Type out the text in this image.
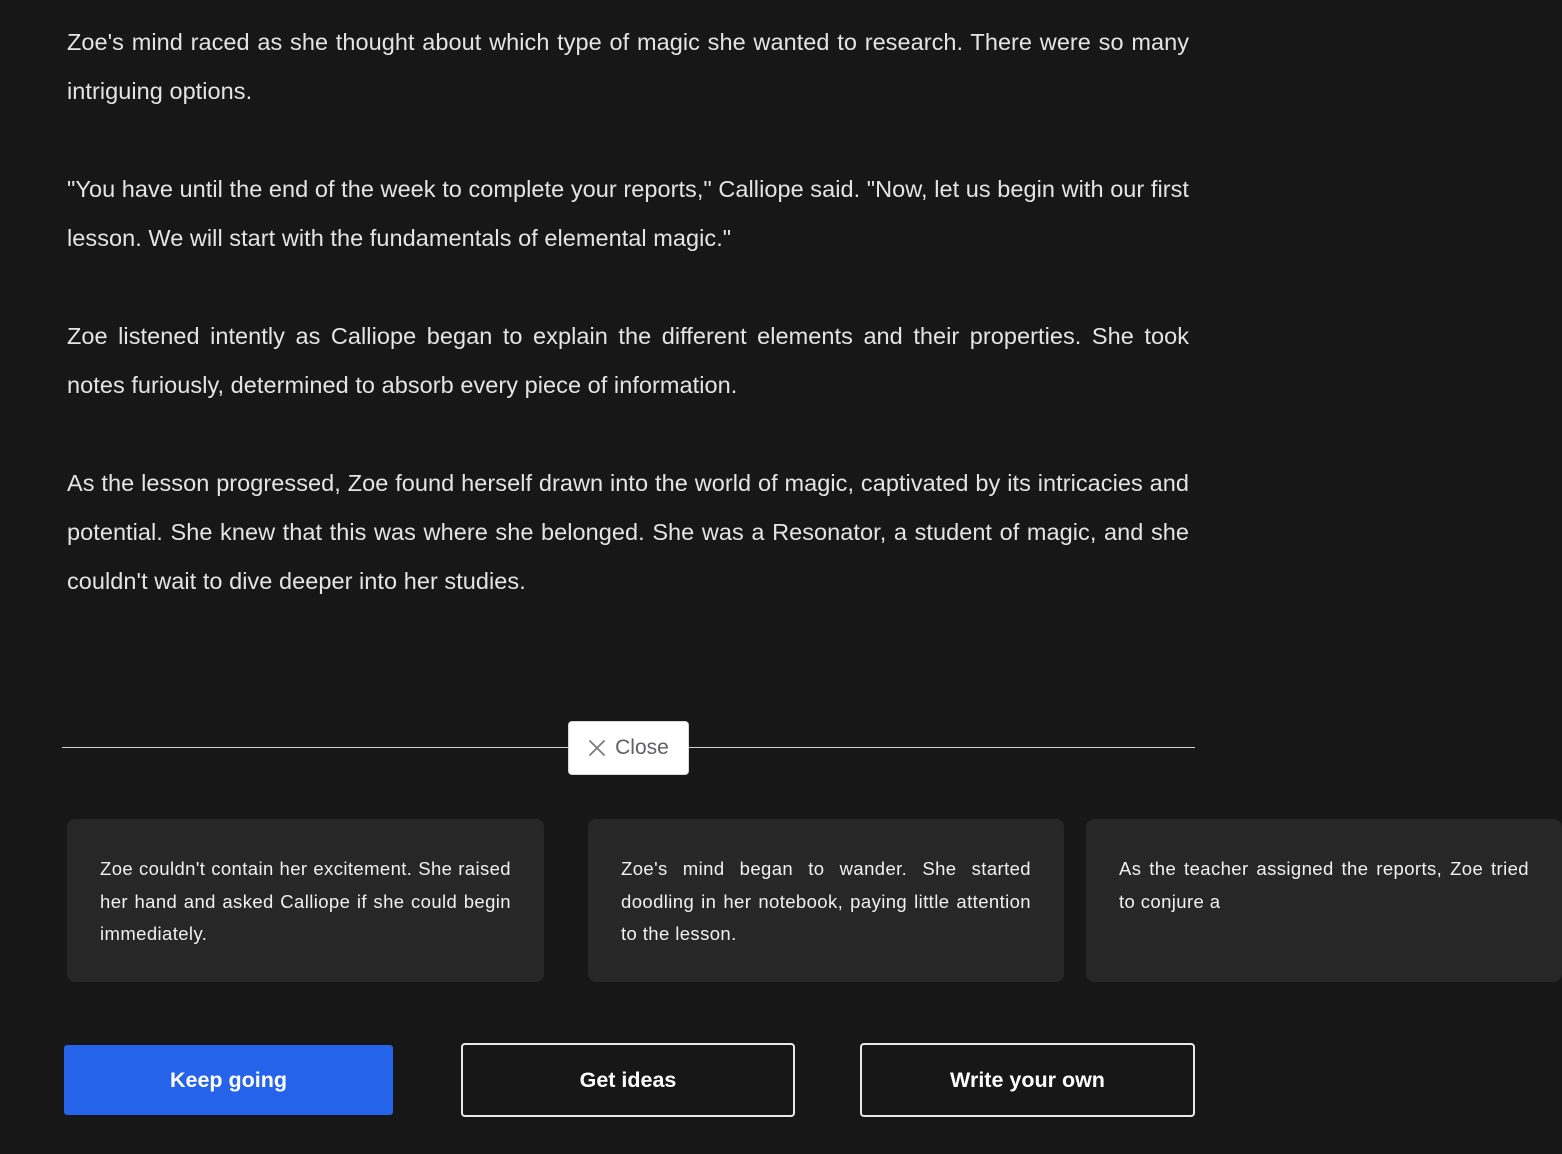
Zoe's mind raced as she thought about which type of magic she wanted to research. There were so many intriguing options.

"You have until the end of the week to complete your reports," Calliope said. "Now, let us begin with our first lesson. We will start with the fundamentals of elemental magic."

Zoe listened intently as Calliope began to explain the different elements and their properties. She took notes furiously, determined to absorb every piece of information.

As the lesson progressed, Zoe found herself drawn into the world of magic, captivated by its intricacies and potential. She knew that this was where she belonged. She was a Resonator, a student of magic, and she couldn't wait to dive deeper into her studies.

Close

Zoe couldn't contain her excitement. She raised her hand and asked Calliope if she could begin immediately.

Zoe's mind began to wander. She started doodling in her notebook, paying little attention to the lesson.

As the teacher assigned the reports, Zoe tried to conjure a

Keep going	Get ideas	Write your own
